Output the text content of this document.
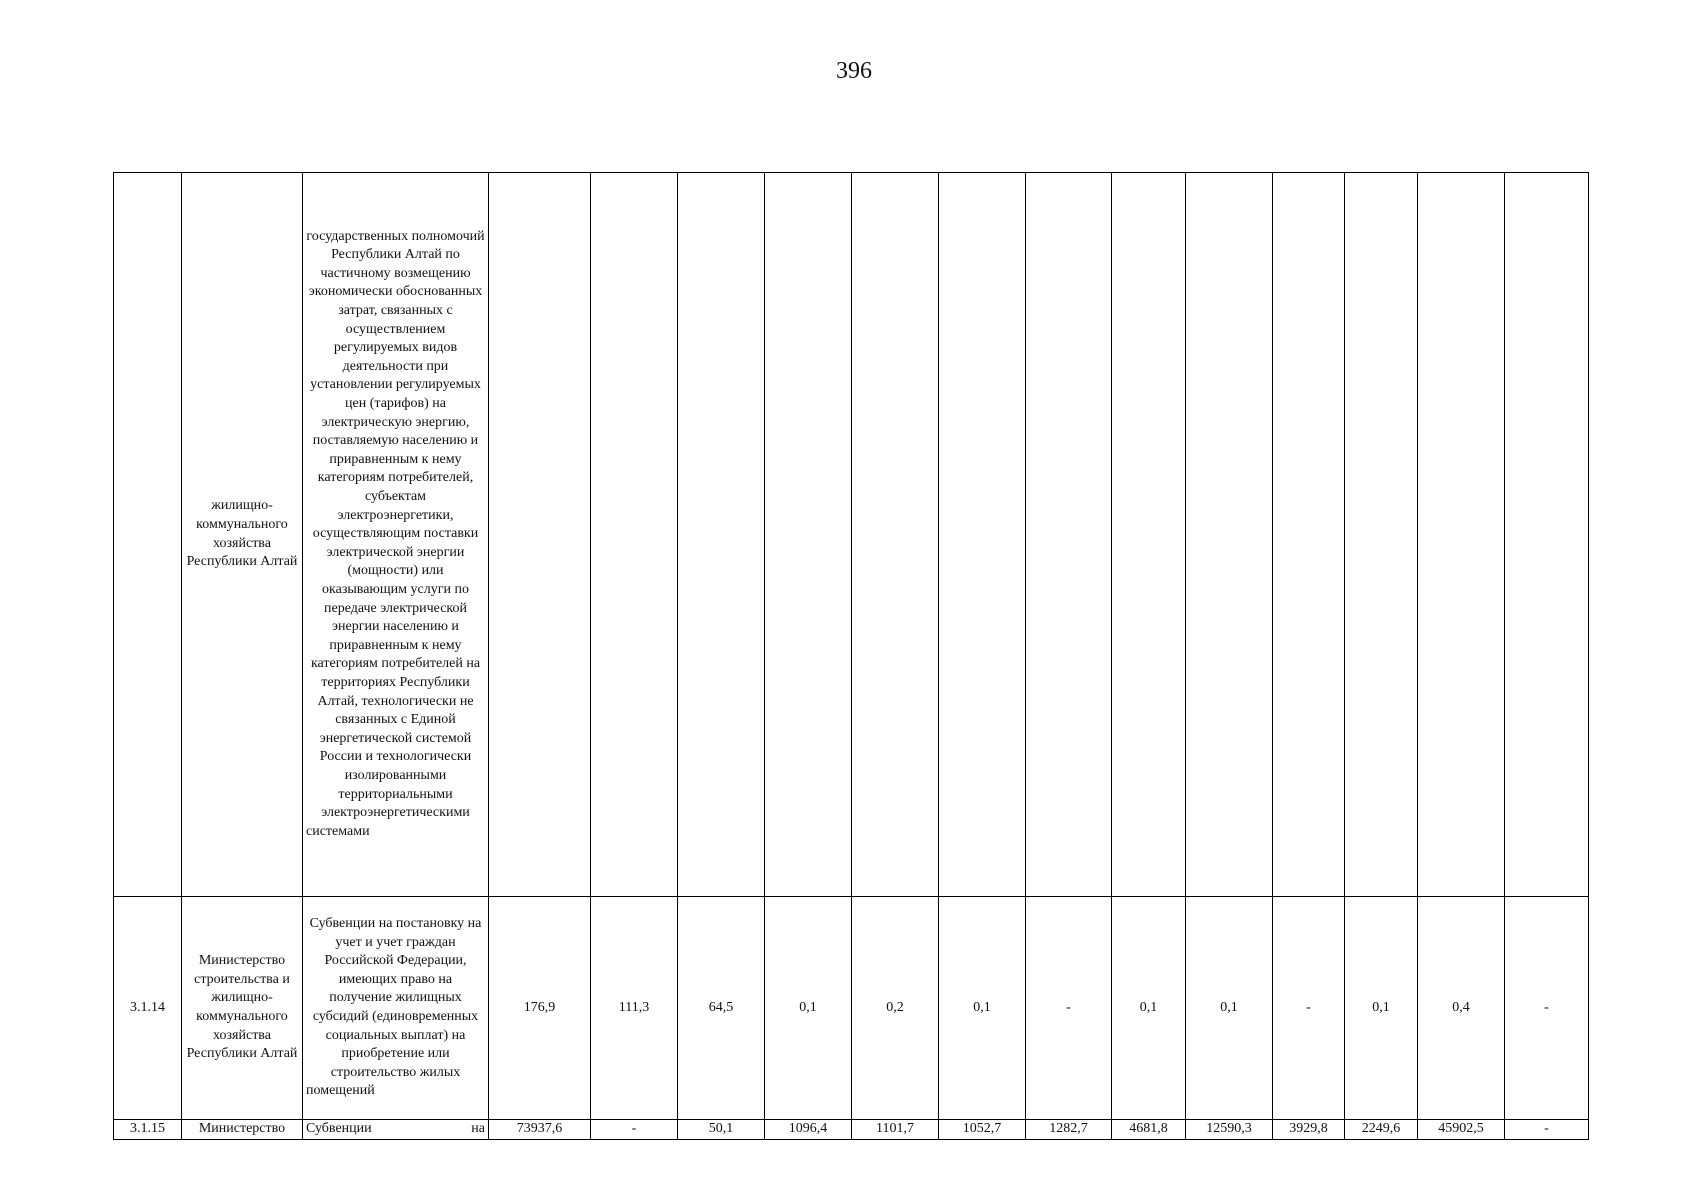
396
	жилищно-коммунального хозяйства Республики Алтай	государственных полномочий Республики Алтай по частичному возмещению экономически обоснованных затрат, связанных с осуществлением регулируемых видов деятельности при установлении регулируемых цен (тарифов) на электрическую энергию, поставляемую населению и приравненным к нему категориям потребителей, субъектам электроэнергетики, осуществляющим поставки электрической энергии (мощности) или оказывающим услуги по передаче электрической энергии населению и приравненным к нему категориям потребителей на территориях Республики Алтай, технологически не связанных с Единой энергетической системой России и технологически изолированными территориальными электроэнергетическими системами													
3.1.14	Министерство строительства и жилищно-коммунального хозяйства Республики Алтай	Субвенции на постановку на учет и учет граждан Российской Федерации, имеющих право на получение жилищных субсидий (единовременных социальных выплат) на приобретение или строительство жилых помещений	176,9	111,3	64,5	0,1	0,2	0,1	-	0,1	0,1	-	0,1	0,4	-
3.1.15	Министерство	Субвенции на	73937,6	-	50,1	1096,4	1101,7	1052,7	1282,7	4681,8	12590,3	3929,8	2249,6	45902,5	-
